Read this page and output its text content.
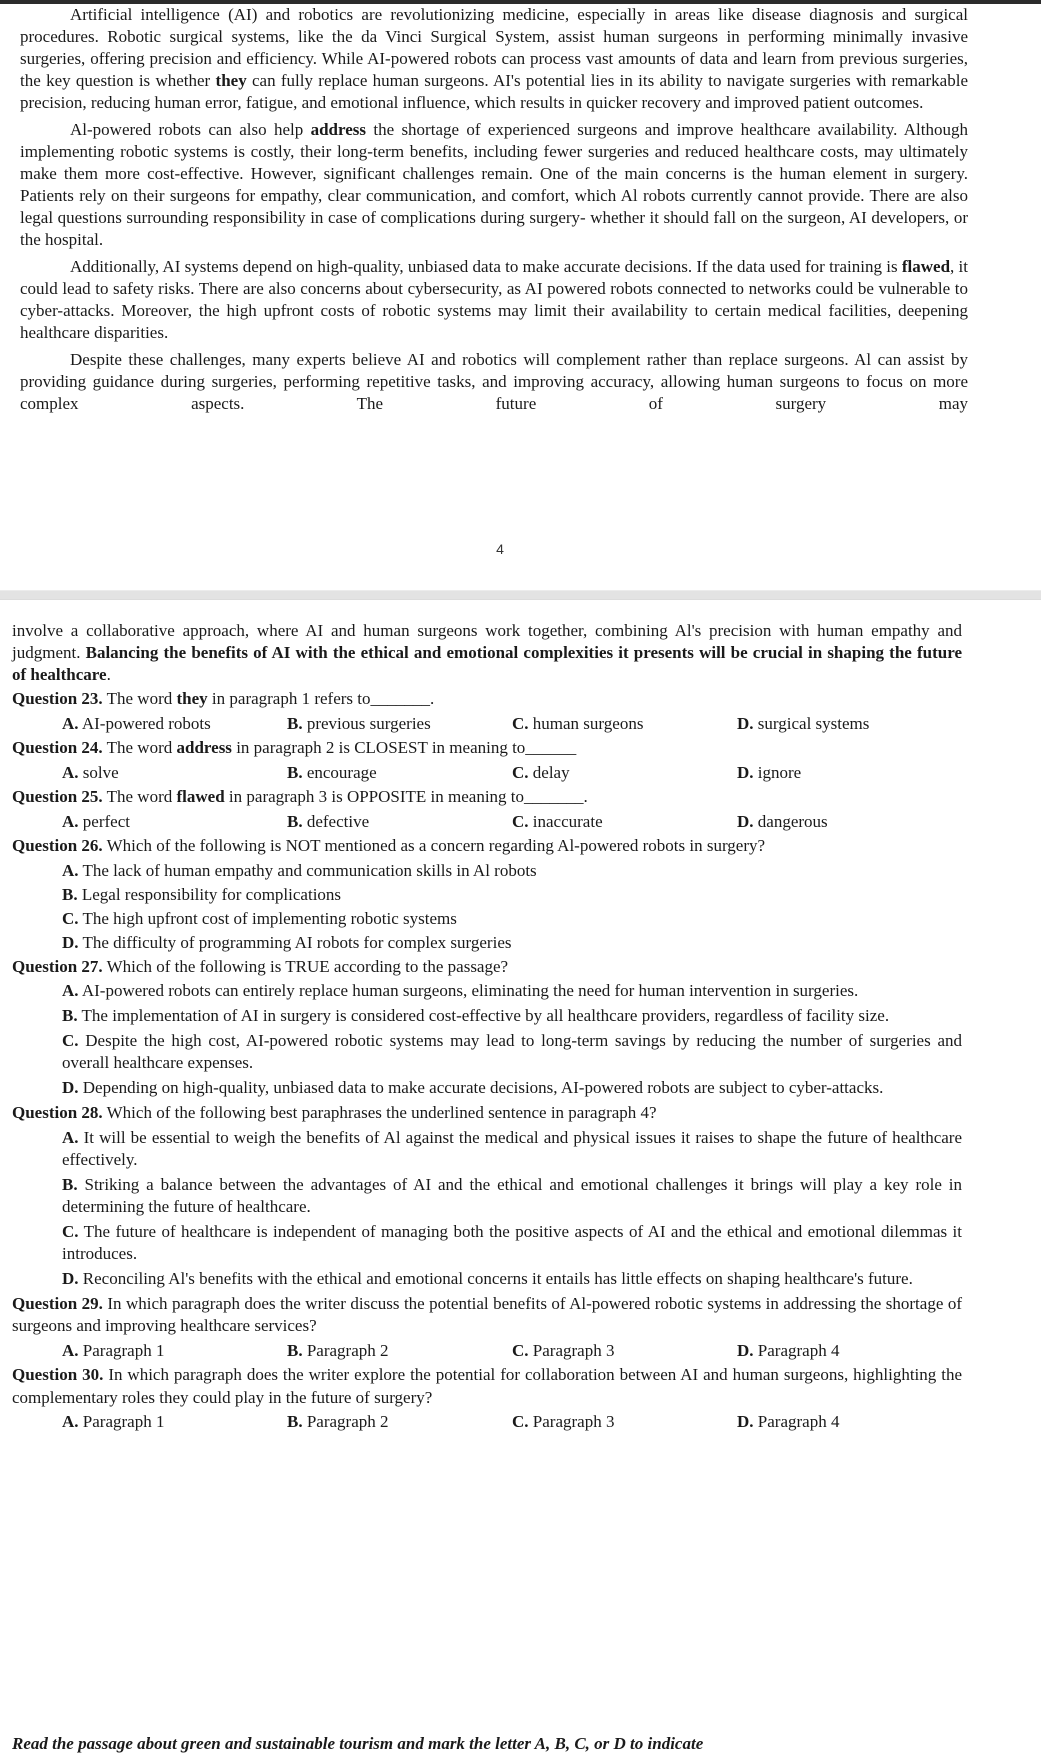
Artificial intelligence (AI) and robotics are revolutionizing medicine, especially in areas like disease diagnosis and surgical procedures. Robotic surgical systems, like the da Vinci Surgical System, assist human surgeons in performing minimally invasive surgeries, offering precision and efficiency. While AI-powered robots can process vast amounts of data and learn from previous surgeries, the key question is whether they can fully replace human surgeons. AI's potential lies in its ability to navigate surgeries with remarkable precision, reducing human error, fatigue, and emotional influence, which results in quicker recovery and improved patient outcomes.

Al-powered robots can also help address the shortage of experienced surgeons and improve healthcare availability. Although implementing robotic systems is costly, their long-term benefits, including fewer surgeries and reduced healthcare costs, may ultimately make them more cost-effective. However, significant challenges remain. One of the main concerns is the human element in surgery. Patients rely on their surgeons for empathy, clear communication, and comfort, which Al robots currently cannot provide. There are also legal questions surrounding responsibility in case of complications during surgery- whether it should fall on the surgeon, AI developers, or the hospital.

Additionally, AI systems depend on high-quality, unbiased data to make accurate decisions. If the data used for training is flawed, it could lead to safety risks. There are also concerns about cybersecurity, as AI powered robots connected to networks could be vulnerable to cyber-attacks. Moreover, the high upfront costs of robotic systems may limit their availability to certain medical facilities, deepening healthcare disparities.

Despite these challenges, many experts believe AI and robotics will complement rather than replace surgeons. Al can assist by providing guidance during surgeries, performing repetitive tasks, and improving accuracy, allowing human surgeons to focus on more complex aspects. The future of surgery may

4

involve a collaborative approach, where AI and human surgeons work together, combining Al's precision with human empathy and judgment. Balancing the benefits of AI with the ethical and emotional complexities it presents will be crucial in shaping the future of healthcare.

Question 23. The word they in paragraph 1 refers to_______.

A. AI-powered robots	B. previous surgeries	C. human surgeons	D. surgical systems

Question 24. The word address in paragraph 2 is CLOSEST in meaning to______

A. solve	B. encourage	C. delay	D. ignore

Question 25. The word flawed in paragraph 3 is OPPOSITE in meaning to_______.

A. perfect	B. defective	C. inaccurate	D. dangerous

Question 26. Which of the following is NOT mentioned as a concern regarding Al-powered robots in surgery?

A. The lack of human empathy and communication skills in Al robots

B. Legal responsibility for complications

C. The high upfront cost of implementing robotic systems

D. The difficulty of programming AI robots for complex surgeries

Question 27. Which of the following is TRUE according to the passage?

A. AI-powered robots can entirely replace human surgeons, eliminating the need for human intervention in surgeries.

B. The implementation of AI in surgery is considered cost-effective by all healthcare providers, regardless of facility size.

C. Despite the high cost, AI-powered robotic systems may lead to long-term savings by reducing the number of surgeries and overall healthcare expenses.

D. Depending on high-quality, unbiased data to make accurate decisions, AI-powered robots are subject to cyber-attacks.

Question 28. Which of the following best paraphrases the underlined sentence in paragraph 4?

A. It will be essential to weigh the benefits of Al against the medical and physical issues it raises to shape the future of healthcare effectively.

B. Striking a balance between the advantages of AI and the ethical and emotional challenges it brings will play a key role in determining the future of healthcare.

C. The future of healthcare is independent of managing both the positive aspects of AI and the ethical and emotional dilemmas it introduces.

D. Reconciling Al's benefits with the ethical and emotional concerns it entails has little effects on shaping healthcare's future.

Question 29. In which paragraph does the writer discuss the potential benefits of Al-powered robotic systems in addressing the shortage of surgeons and improving healthcare services?

A. Paragraph 1	B. Paragraph 2	C. Paragraph 3	D. Paragraph 4

Question 30. In which paragraph does the writer explore the potential for collaboration between AI and human surgeons, highlighting the complementary roles they could play in the future of surgery?

A. Paragraph 1	B. Paragraph 2	C. Paragraph 3	D. Paragraph 4
Read the passage about green and sustainable tourism and mark the letter A, B, C, or D to indicate
